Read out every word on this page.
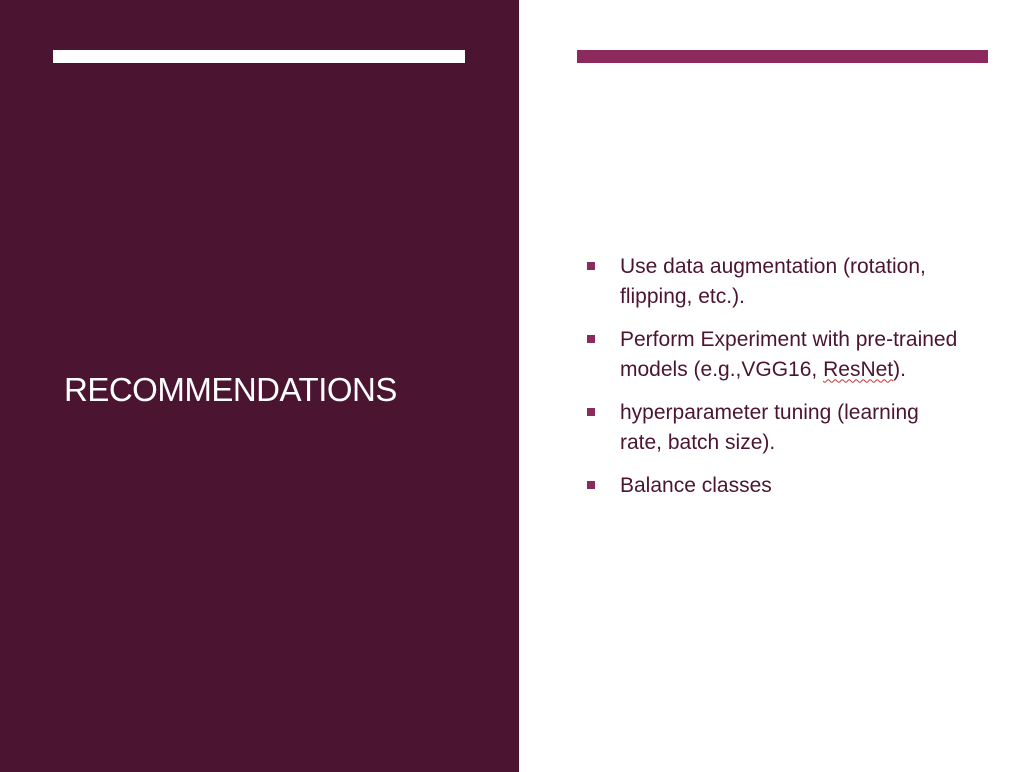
RECOMMENDATIONS
Use data augmentation (rotation, flipping, etc.).
Perform Experiment with pre-trained models (e.g.,VGG16, ResNet).
hyperparameter tuning (learning rate, batch size).
Balance classes
